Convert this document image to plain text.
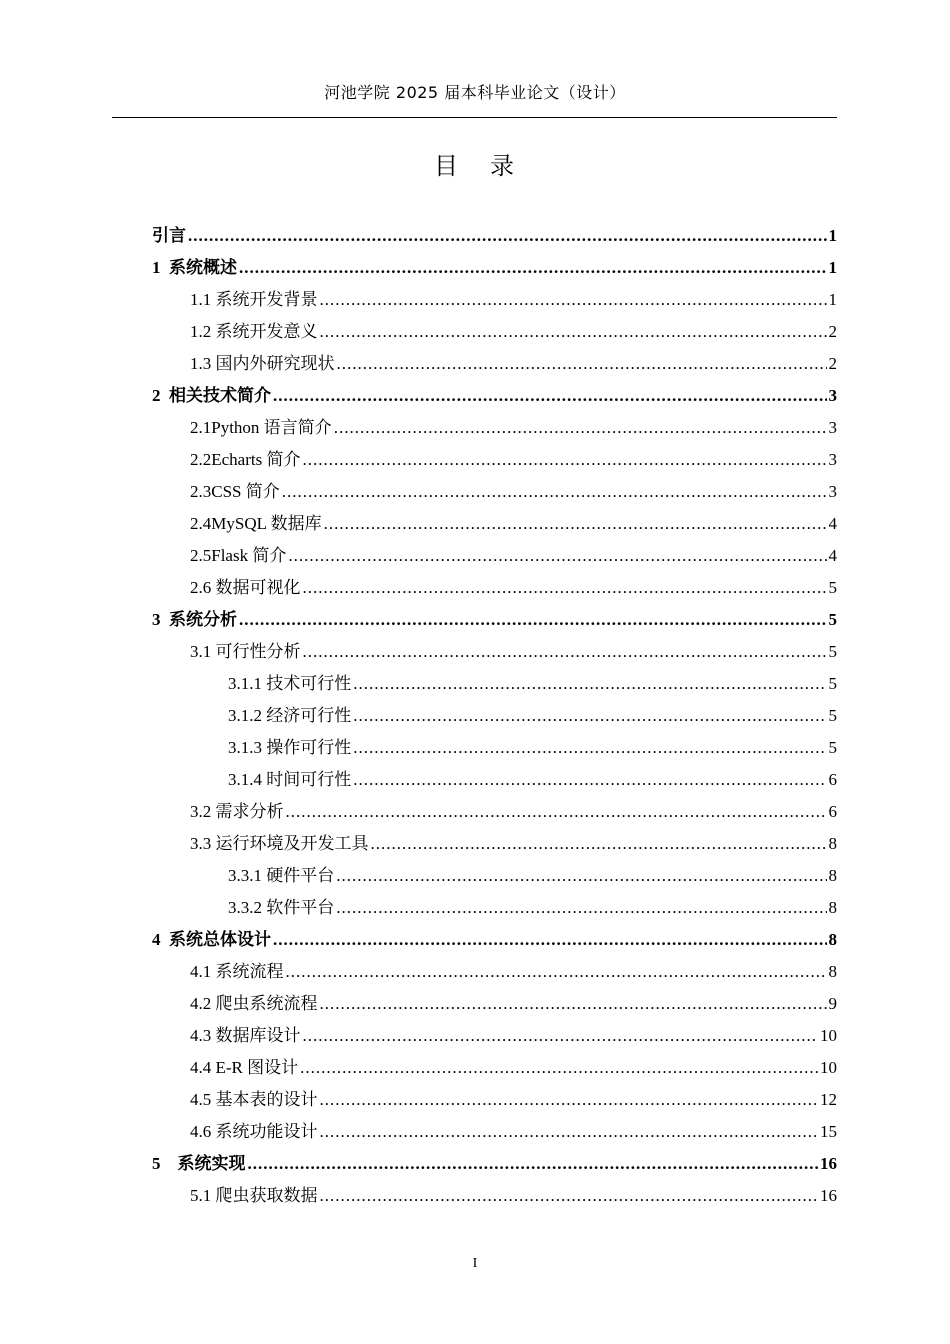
河池学院 2025 届本科毕业论文（设计）
目 录
引言 .....	1
1  系统概述 .....	1
1.1 系统开发背景 .....	1
1.2 系统开发意义 .....	2
1.3 国内外研究现状 .....	2
2  相关技术简介 .....	3
2.1Python 语言简介 .....	3
2.2Echarts 简介 .....	3
2.3CSS 简介 .....	3
2.4MySQL 数据库 .....	4
2.5Flask 简介 .....	4
2.6 数据可视化 .....	5
3  系统分析 .....	5
3.1 可行性分析 .....	5
3.1.1 技术可行性 .....	5
3.1.2 经济可行性 .....	5
3.1.3 操作可行性 .....	5
3.1.4 时间可行性 .....	6
3.2 需求分析 .....	6
3.3 运行环境及开发工具 .....	8
3.3.1 硬件平台 .....	8
3.3.2 软件平台 .....	8
4  系统总体设计 .....	8
4.1 系统流程 .....	8
4.2 爬虫系统流程 .....	9
4.3 数据库设计 .....	10
4.4 E-R 图设计 .....	10
4.5 基本表的设计 .....	12
4.6 系统功能设计 .....	15
5    系统实现 .....	16
5.1 爬虫获取数据 .....	16
I
